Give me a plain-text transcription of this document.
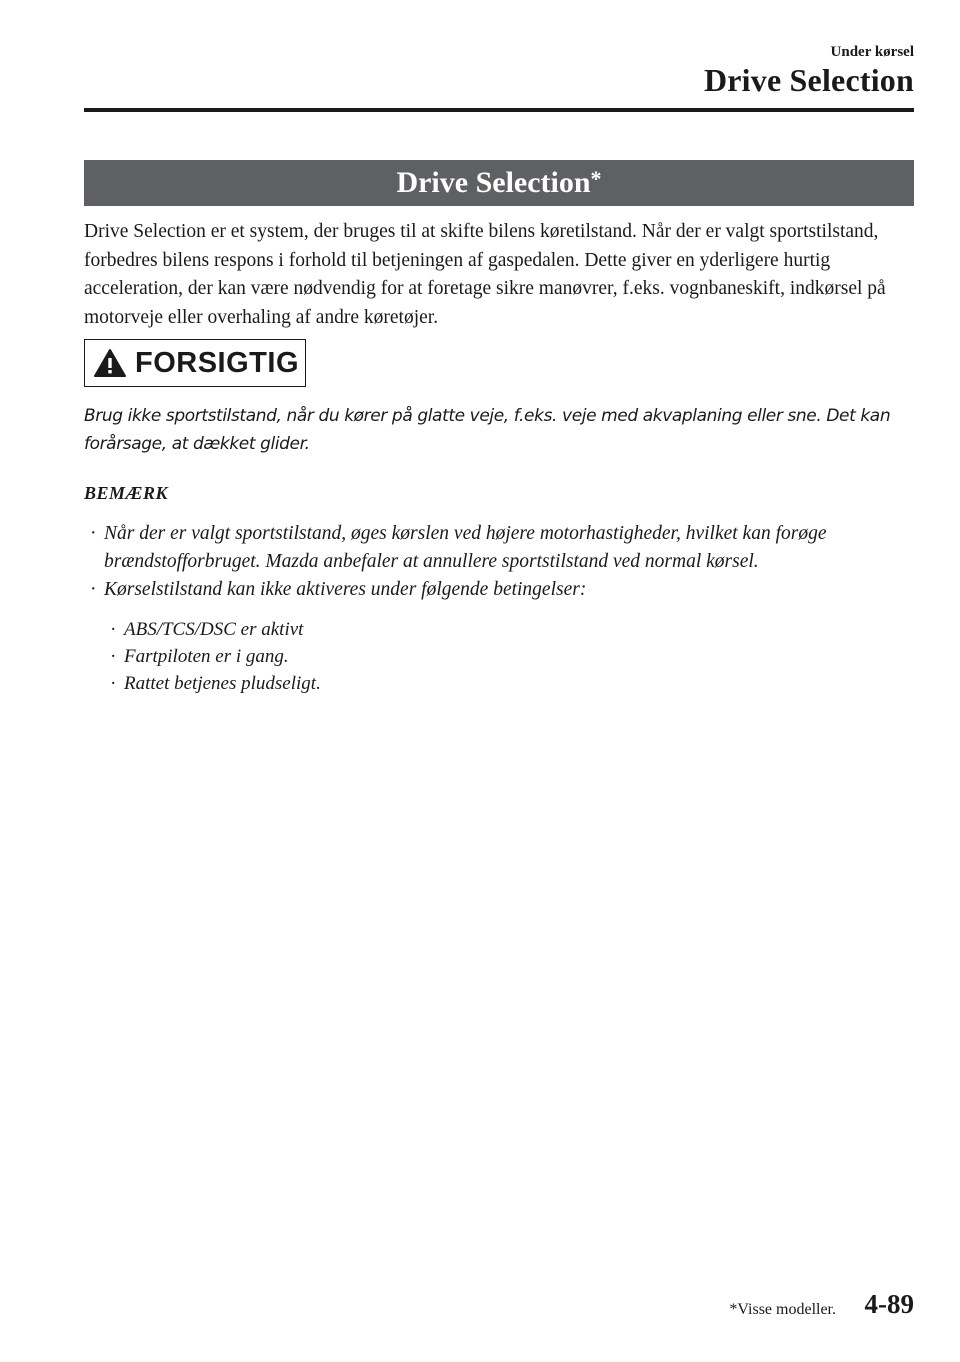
Under kørsel
Drive Selection
Drive Selection*

Drive Selection er et system, der bruges til at skifte bilens køretilstand. Når der er valgt sportstilstand, forbedres bilens respons i forhold til betjeningen af gaspedalen. Dette giver en yderligere hurtig acceleration, der kan være nødvendig for at foretage sikre manøvrer, f.eks. vognbaneskift, indkørsel på motorveje eller overhaling af andre køretøjer.

FORSIGTIG

Brug ikke sportstilstand, når du kører på glatte veje, f.eks. veje med akvaplaning eller sne. Det kan forårsage, at dækket glider.

BEMÆRK
· Når der er valgt sportstilstand, øges kørslen ved højere motorhastigheder, hvilket kan forøge brændstofforbruget. Mazda anbefaler at annullere sportstilstand ved normal kørsel.
· Kørselstilstand kan ikke aktiveres under følgende betingelser:
· ABS/TCS/DSC er aktivt
· Fartpiloten er i gang.
· Rattet betjenes pludseligt.
*Visse modeller. 4-89
